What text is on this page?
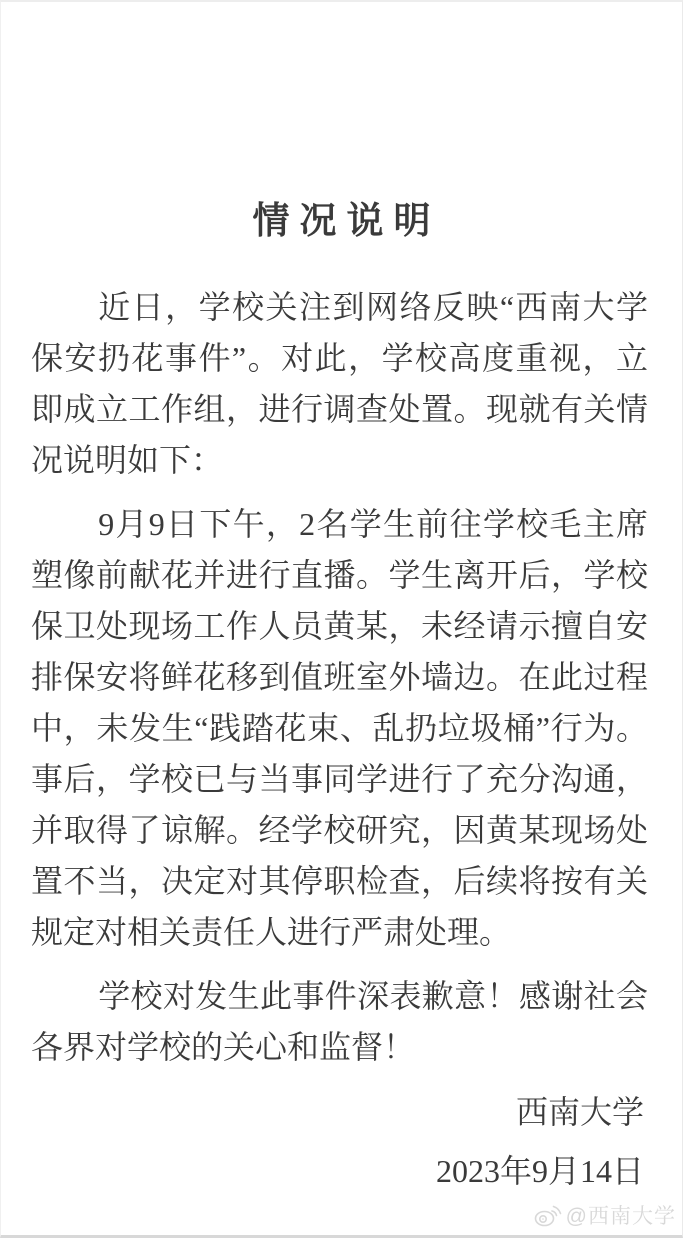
情况说明

近日，学校关注到网络反映“西南大学保安扔花事件”。对此，学校高度重视，立即成立工作组，进行调查处置。现就有关情况说明如下：

9月9日下午，2名学生前往学校毛主席塑像前献花并进行直播。学生离开后，学校保卫处现场工作人员黄某，未经请示擅自安排保安将鲜花移到值班室外墙边。在此过程中，未发生“践踏花束、乱扔垃圾桶”行为。事后，学校已与当事同学进行了充分沟通，并取得了谅解。经学校研究，因黄某现场处置不当，决定对其停职检查，后续将按有关规定对相关责任人进行严肃处理。

学校对发生此事件深表歉意！感谢社会各界对学校的关心和监督！

西南大学
2023年9月14日
@西南大学
